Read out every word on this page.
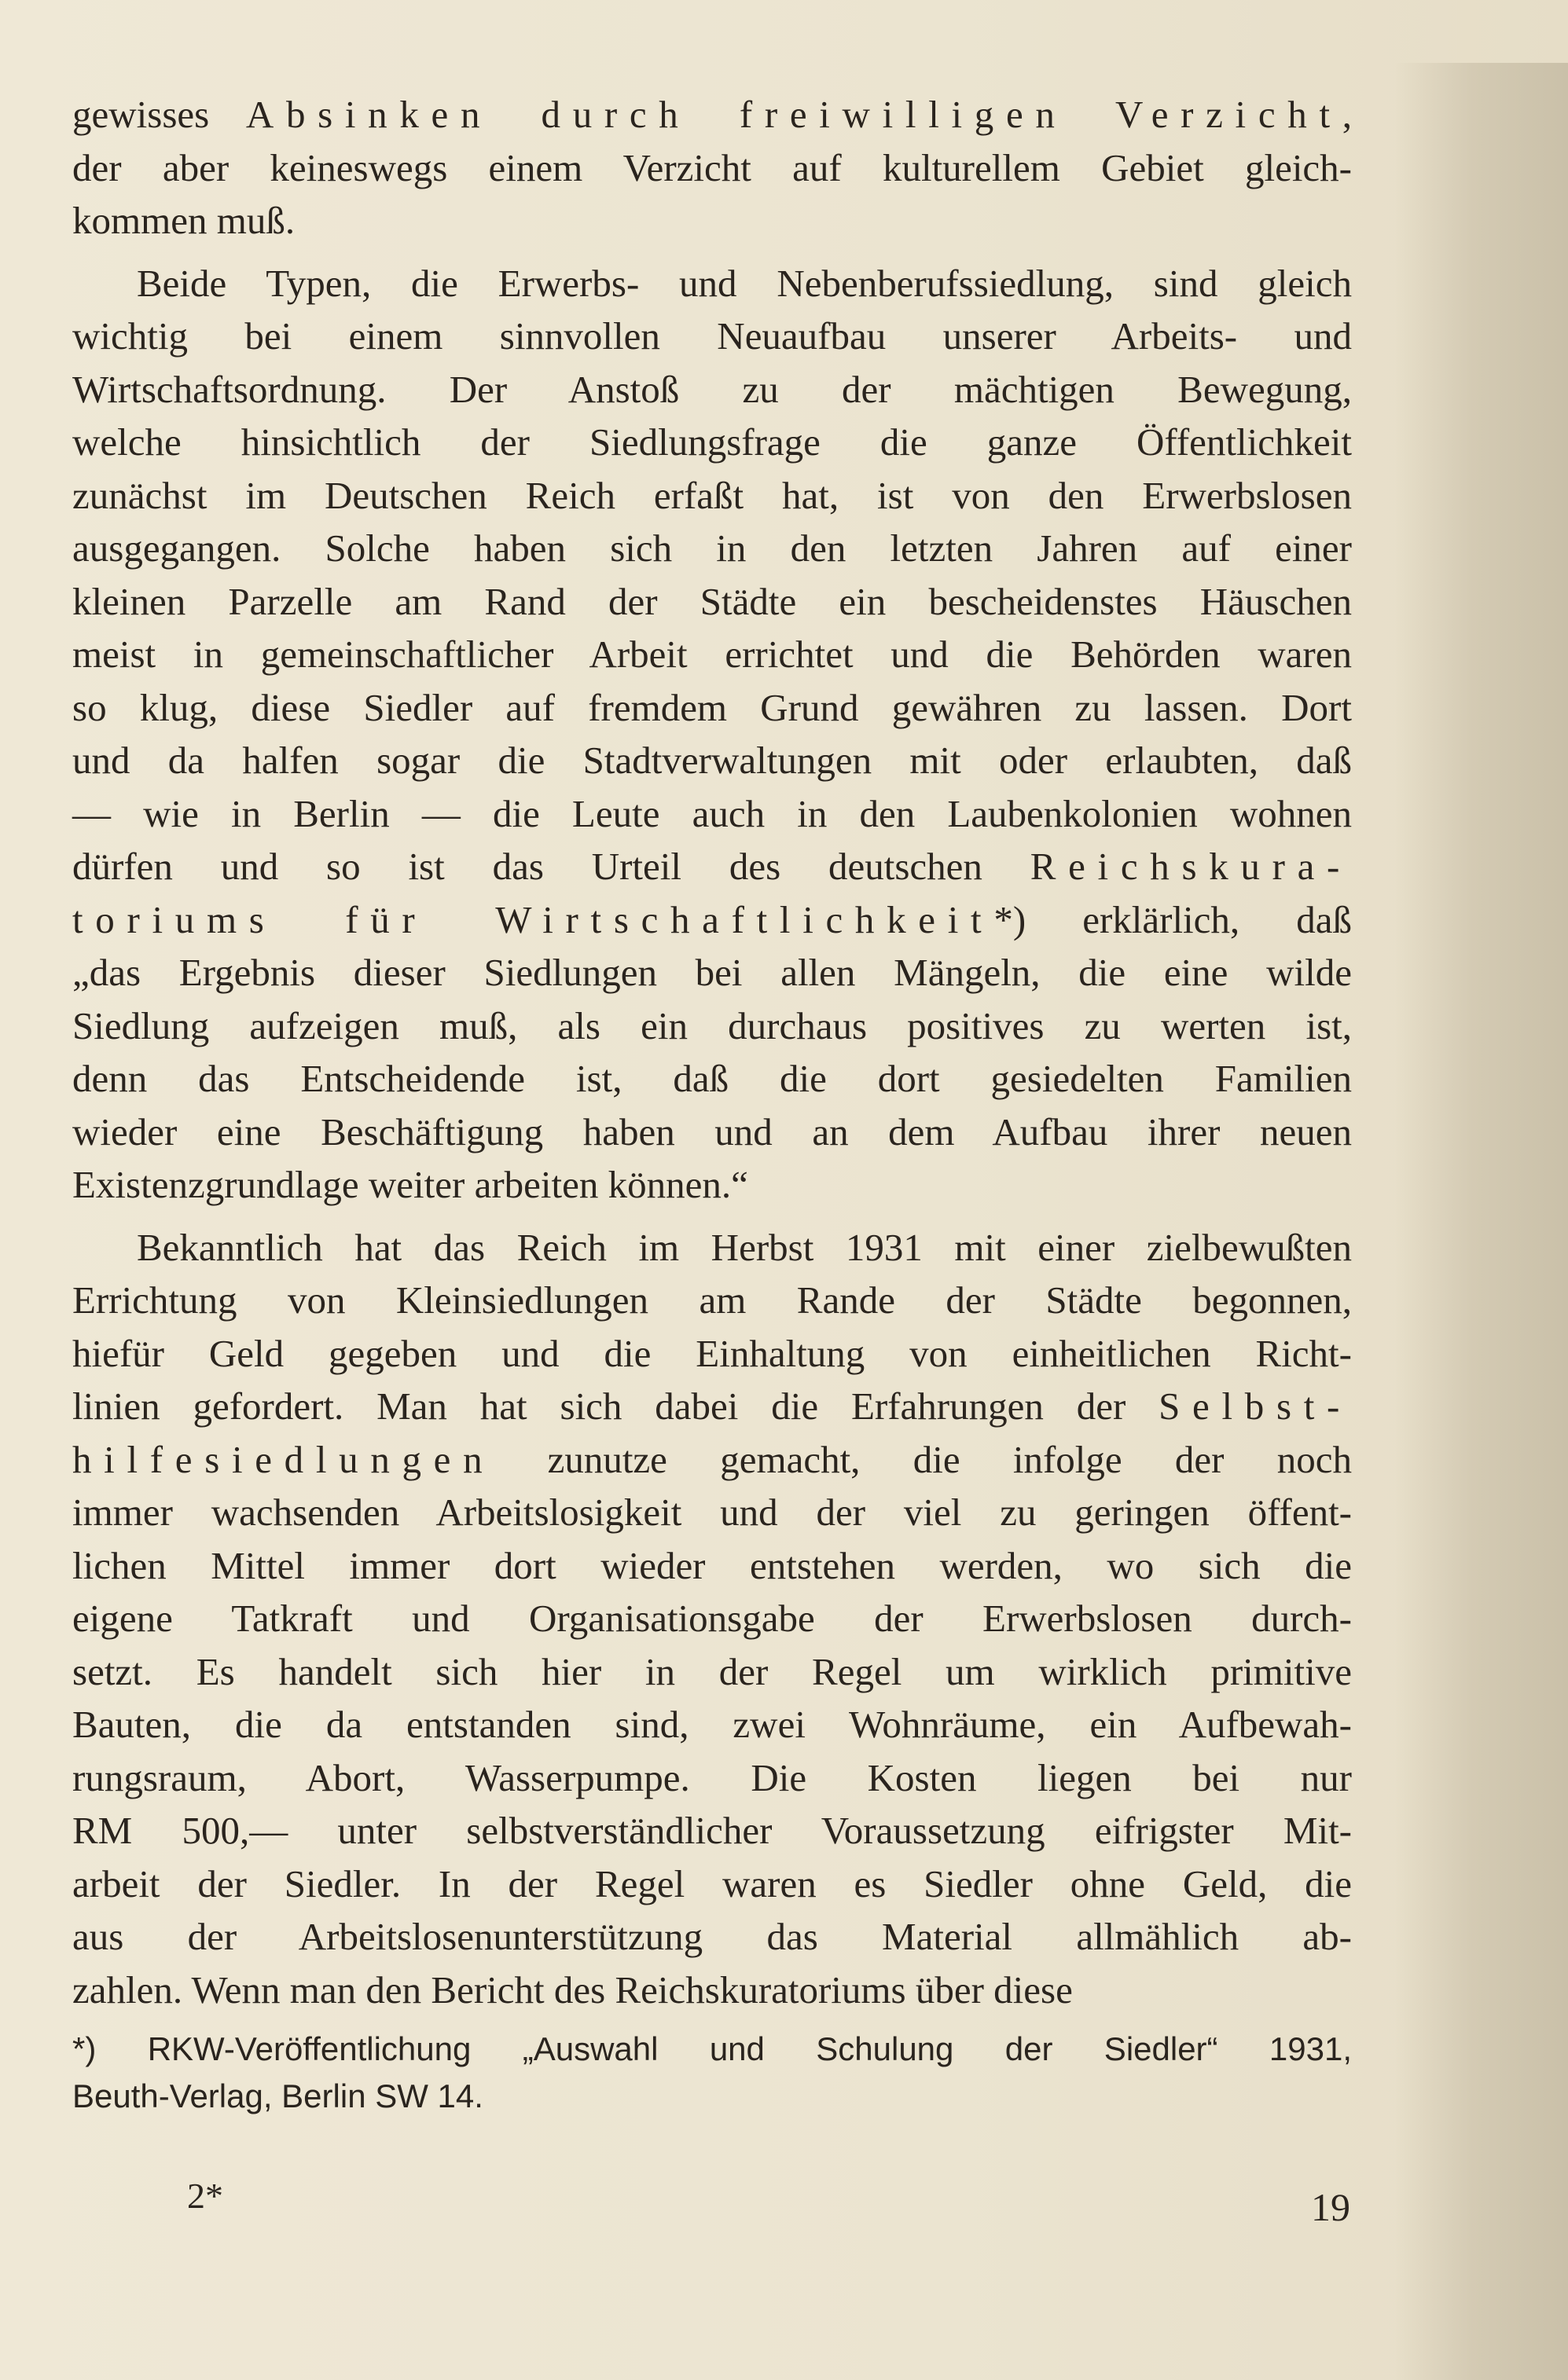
gewisses Absinken durch freiwilligen Verzicht,
der aber keineswegs einem Verzicht auf kulturellem Gebiet gleich-
kommen muß.
Beide Typen, die Erwerbs- und Nebenberufssiedlung, sind gleich
wichtig bei einem sinnvollen Neuaufbau unserer Arbeits- und
Wirtschaftsordnung. Der Anstoß zu der mächtigen Bewegung,
welche hinsichtlich der Siedlungsfrage die ganze Öffentlichkeit
zunächst im Deutschen Reich erfaßt hat, ist von den Erwerbslosen
ausgegangen. Solche haben sich in den letzten Jahren auf einer
kleinen Parzelle am Rand der Städte ein bescheidenstes Häuschen
meist in gemeinschaftlicher Arbeit errichtet und die Behörden waren
so klug, diese Siedler auf fremdem Grund gewähren zu lassen. Dort
und da halfen sogar die Stadtverwaltungen mit oder erlaubten, daß
— wie in Berlin — die Leute auch in den Laubenkolonien wohnen
dürfen und so ist das Urteil des deutschen Reichskura-
toriums für Wirtschaftlichkeit*) erklärlich, daß
„das Ergebnis dieser Siedlungen bei allen Mängeln, die eine wilde
Siedlung aufzeigen muß, als ein durchaus positives zu werten ist,
denn das Entscheidende ist, daß die dort gesiedelten Familien
wieder eine Beschäftigung haben und an dem Aufbau ihrer neuen
Existenzgrundlage weiter arbeiten können.“
Bekanntlich hat das Reich im Herbst 1931 mit einer zielbewußten
Errichtung von Kleinsiedlungen am Rande der Städte begonnen,
hiefür Geld gegeben und die Einhaltung von einheitlichen Richt-
linien gefordert. Man hat sich dabei die Erfahrungen der Selbst-
hilfesiedlungen zunutze gemacht, die infolge der noch
immer wachsenden Arbeitslosigkeit und der viel zu geringen öffent-
lichen Mittel immer dort wieder entstehen werden, wo sich die
eigene Tatkraft und Organisationsgabe der Erwerbslosen durch-
setzt. Es handelt sich hier in der Regel um wirklich primitive
Bauten, die da entstanden sind, zwei Wohnräume, ein Aufbewah-
rungsraum, Abort, Wasserpumpe. Die Kosten liegen bei nur
RM 500,— unter selbstverständlicher Voraussetzung eifrigster Mit-
arbeit der Siedler. In der Regel waren es Siedler ohne Geld, die
aus der Arbeitslosenunterstützung das Material allmählich ab-
zahlen. Wenn man den Bericht des Reichskuratoriums über diese
*) RKW-Veröffentlichung „Auswahl und Schulung der Siedler“ 1931,
Beuth-Verlag, Berlin SW 14.
2*	19
